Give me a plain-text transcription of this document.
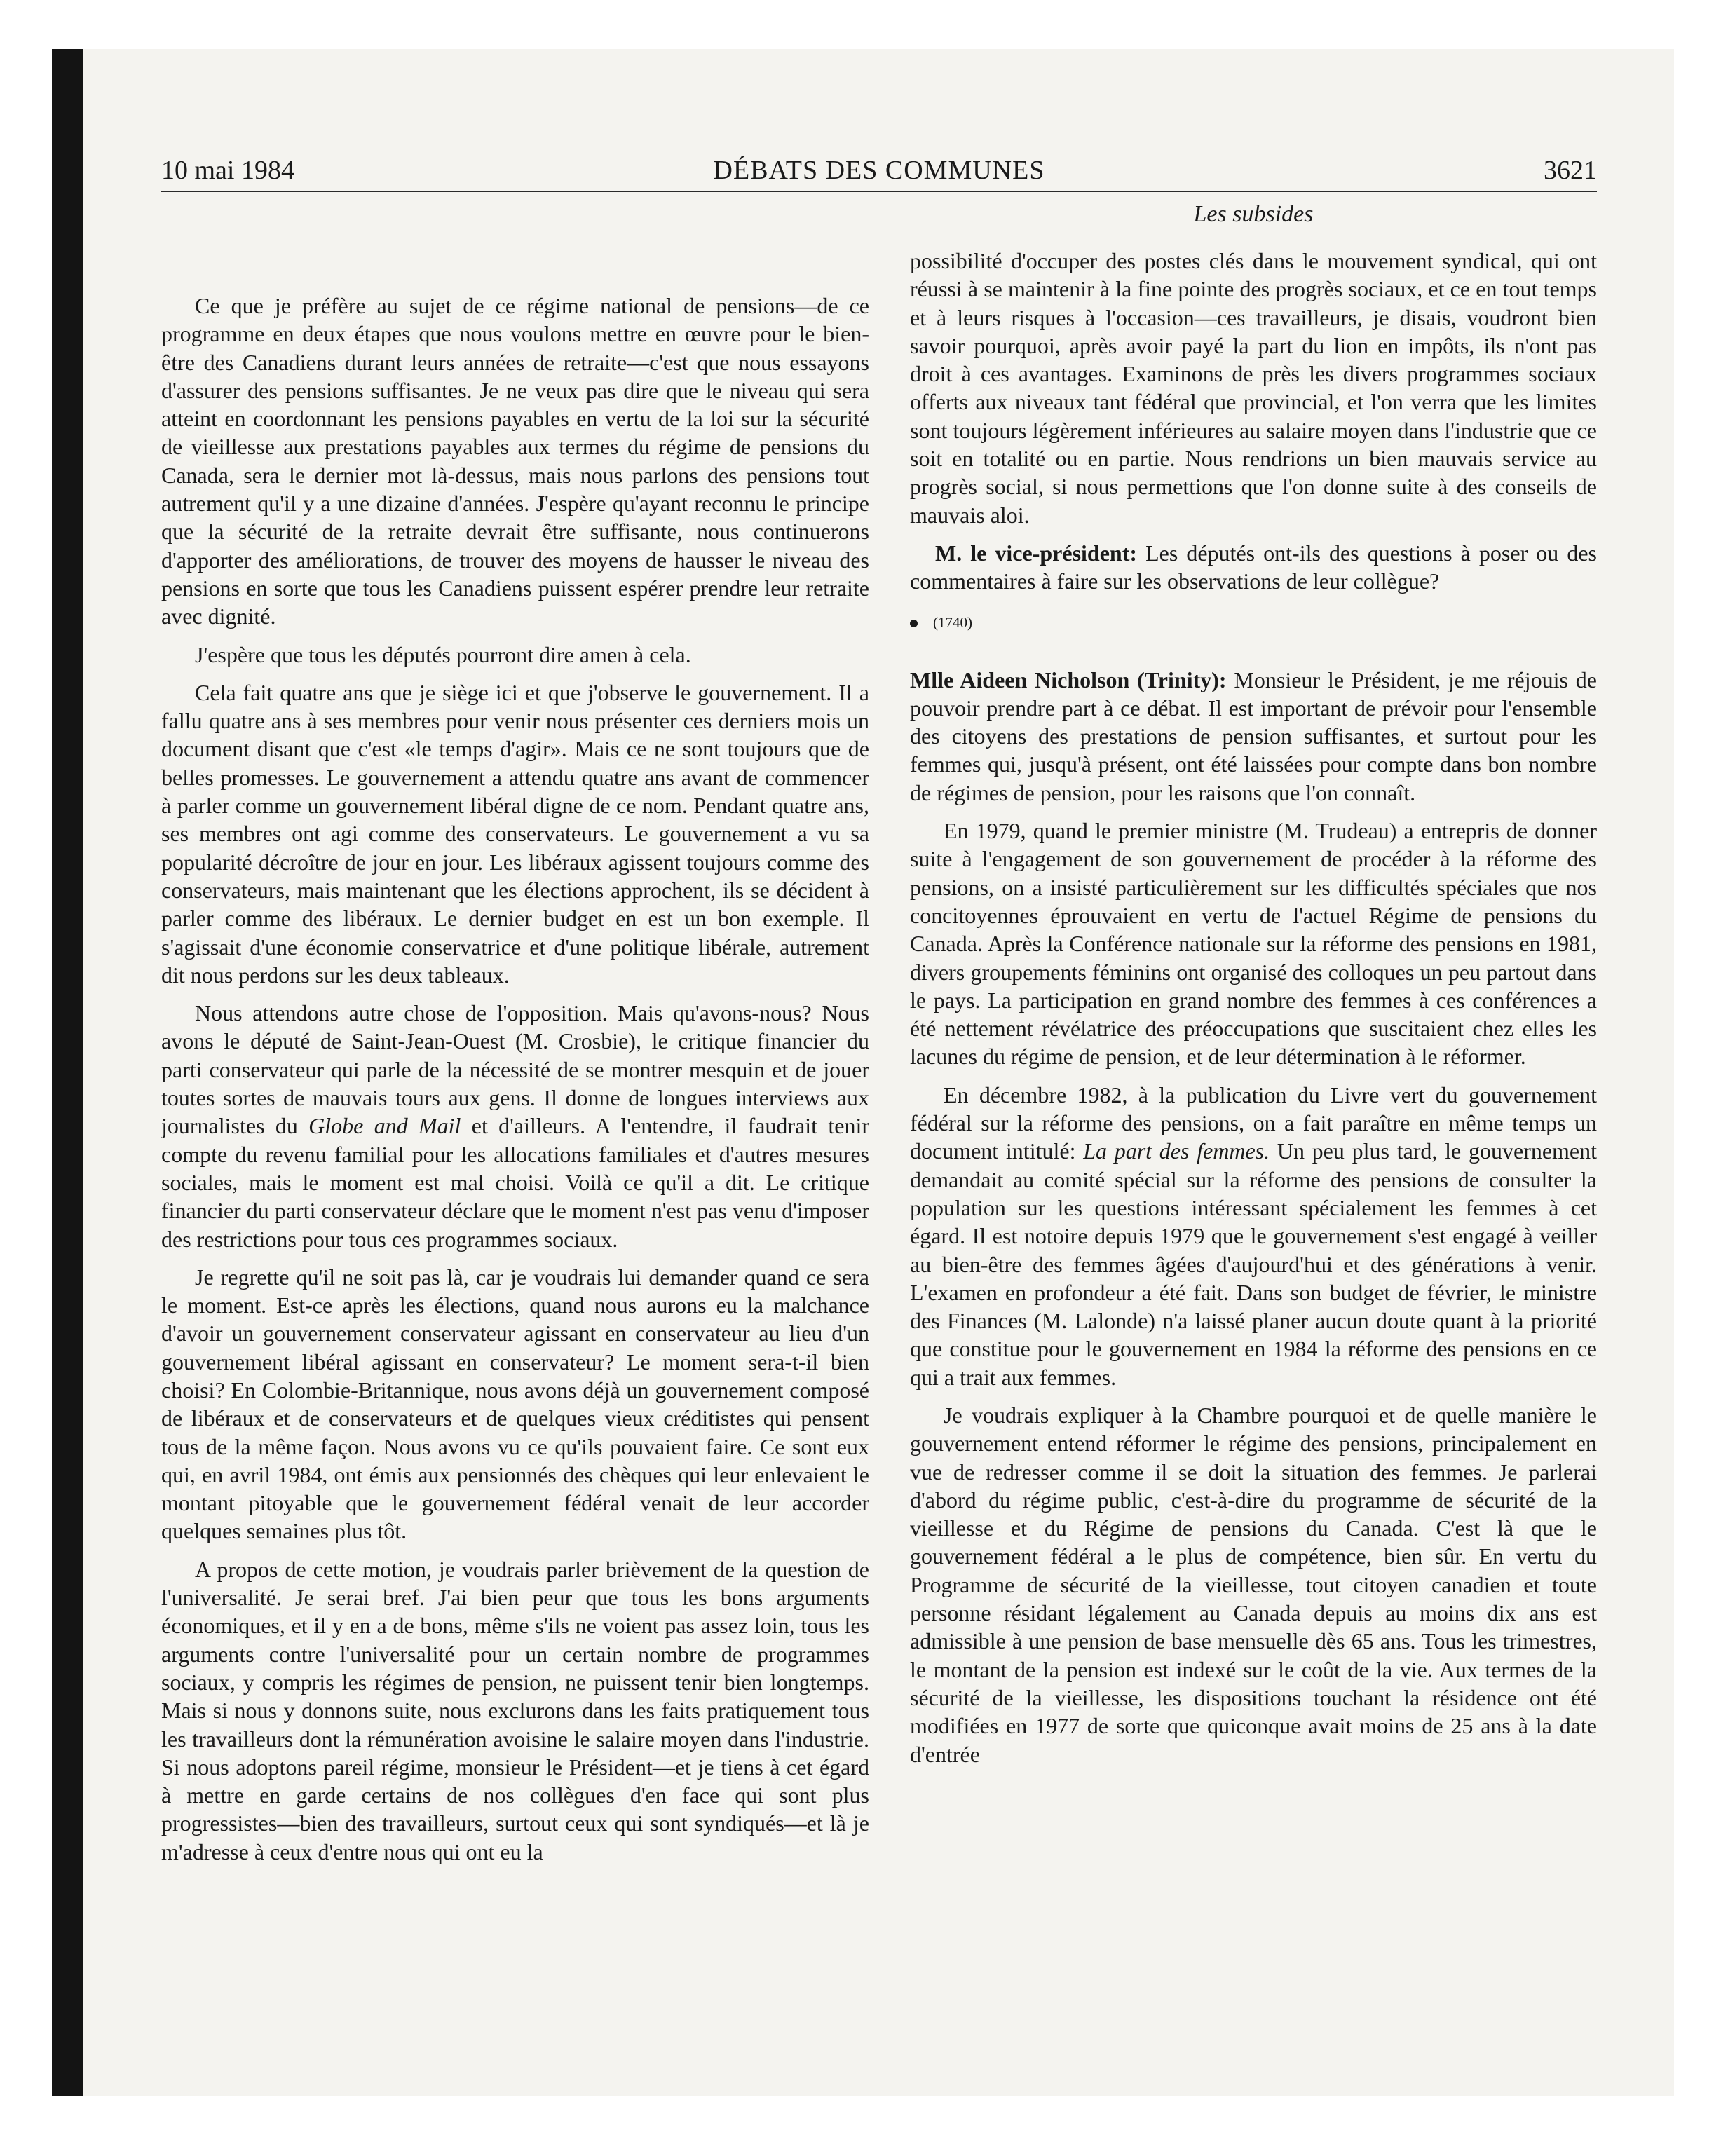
10 mai 1984	DÉBATS DES COMMUNES	3621

Ce que je préfère au sujet de ce régime national de pensions—de ce programme en deux étapes que nous voulons mettre en œuvre pour le bien-être des Canadiens durant leurs années de retraite—c'est que nous essayons d'assurer des pensions suffisantes. Je ne veux pas dire que le niveau qui sera atteint en coordonnant les pensions payables en vertu de la loi sur la sécurité de vieillesse aux prestations payables aux termes du régime de pensions du Canada, sera le dernier mot là-dessus, mais nous parlons des pensions tout autrement qu'il y a une dizaine d'années. J'espère qu'ayant reconnu le principe que la sécurité de la retraite devrait être suffisante, nous continuerons d'apporter des améliorations, de trouver des moyens de hausser le niveau des pensions en sorte que tous les Canadiens puissent espérer prendre leur retraite avec dignité.

J'espère que tous les députés pourront dire amen à cela.

Cela fait quatre ans que je siège ici et que j'observe le gouvernement. Il a fallu quatre ans à ses membres pour venir nous présenter ces derniers mois un document disant que c'est «le temps d'agir». Mais ce ne sont toujours que de belles promesses. Le gouvernement a attendu quatre ans avant de commencer à parler comme un gouvernement libéral digne de ce nom. Pendant quatre ans, ses membres ont agi comme des conservateurs. Le gouvernement a vu sa popularité décroître de jour en jour. Les libéraux agissent toujours comme des conservateurs, mais maintenant que les élections approchent, ils se décident à parler comme des libéraux. Le dernier budget en est un bon exemple. Il s'agissait d'une économie conservatrice et d'une politique libérale, autrement dit nous perdons sur les deux tableaux.

Nous attendons autre chose de l'opposition. Mais qu'avons-nous? Nous avons le député de Saint-Jean-Ouest (M. Crosbie), le critique financier du parti conservateur qui parle de la nécessité de se montrer mesquin et de jouer toutes sortes de mauvais tours aux gens. Il donne de longues interviews aux journalistes du Globe and Mail et d'ailleurs. A l'entendre, il faudrait tenir compte du revenu familial pour les allocations familiales et d'autres mesures sociales, mais le moment est mal choisi. Voilà ce qu'il a dit. Le critique financier du parti conservateur déclare que le moment n'est pas venu d'imposer des restrictions pour tous ces programmes sociaux.

Je regrette qu'il ne soit pas là, car je voudrais lui demander quand ce sera le moment. Est-ce après les élections, quand nous aurons eu la malchance d'avoir un gouvernement conservateur agissant en conservateur au lieu d'un gouvernement libéral agissant en conservateur? Le moment sera-t-il bien choisi? En Colombie-Britannique, nous avons déjà un gouvernement composé de libéraux et de conservateurs et de quelques vieux créditistes qui pensent tous de la même façon. Nous avons vu ce qu'ils pouvaient faire. Ce sont eux qui, en avril 1984, ont émis aux pensionnés des chèques qui leur enlevaient le montant pitoyable que le gouvernement fédéral venait de leur accorder quelques semaines plus tôt.

A propos de cette motion, je voudrais parler brièvement de la question de l'universalité. Je serai bref. J'ai bien peur que tous les bons arguments économiques, et il y en a de bons, même s'ils ne voient pas assez loin, tous les arguments contre l'universalité pour un certain nombre de programmes sociaux, y compris les régimes de pension, ne puissent tenir bien longtemps. Mais si nous y donnons suite, nous exclurons dans les faits pratiquement tous les travailleurs dont la rémunération avoisine le salaire moyen dans l'industrie. Si nous adoptons pareil régime, monsieur le Président—et je tiens à cet égard à mettre en garde certains de nos collègues d'en face qui sont plus progressistes—bien des travailleurs, surtout ceux qui sont syndiqués—et là je m'adresse à ceux d'entre nous qui ont eu la

Les subsides

possibilité d'occuper des postes clés dans le mouvement syndical, qui ont réussi à se maintenir à la fine pointe des progrès sociaux, et ce en tout temps et à leurs risques à l'occasion—ces travailleurs, je disais, voudront bien savoir pourquoi, après avoir payé la part du lion en impôts, ils n'ont pas droit à ces avantages. Examinons de près les divers programmes sociaux offerts aux niveaux tant fédéral que provincial, et l'on verra que les limites sont toujours légèrement inférieures au salaire moyen dans l'industrie que ce soit en totalité ou en partie. Nous rendrions un bien mauvais service au progrès social, si nous permettions que l'on donne suite à des conseils de mauvais aloi.

M. le vice-président: Les députés ont-ils des questions à poser ou des commentaires à faire sur les observations de leur collègue?

(1740)

Mlle Aideen Nicholson (Trinity): Monsieur le Président, je me réjouis de pouvoir prendre part à ce débat. Il est important de prévoir pour l'ensemble des citoyens des prestations de pension suffisantes, et surtout pour les femmes qui, jusqu'à présent, ont été laissées pour compte dans bon nombre de régimes de pension, pour les raisons que l'on connaît.

En 1979, quand le premier ministre (M. Trudeau) a entrepris de donner suite à l'engagement de son gouvernement de procéder à la réforme des pensions, on a insisté particulièrement sur les difficultés spéciales que nos concitoyennes éprouvaient en vertu de l'actuel Régime de pensions du Canada. Après la Conférence nationale sur la réforme des pensions en 1981, divers groupements féminins ont organisé des colloques un peu partout dans le pays. La participation en grand nombre des femmes à ces conférences a été nettement révélatrice des préoccupations que suscitaient chez elles les lacunes du régime de pension, et de leur détermination à le réformer.

En décembre 1982, à la publication du Livre vert du gouvernement fédéral sur la réforme des pensions, on a fait paraître en même temps un document intitulé: La part des femmes. Un peu plus tard, le gouvernement demandait au comité spécial sur la réforme des pensions de consulter la population sur les questions intéressant spécialement les femmes à cet égard. Il est notoire depuis 1979 que le gouvernement s'est engagé à veiller au bien-être des femmes âgées d'aujourd'hui et des générations à venir. L'examen en profondeur a été fait. Dans son budget de février, le ministre des Finances (M. Lalonde) n'a laissé planer aucun doute quant à la priorité que constitue pour le gouvernement en 1984 la réforme des pensions en ce qui a trait aux femmes.

Je voudrais expliquer à la Chambre pourquoi et de quelle manière le gouvernement entend réformer le régime des pensions, principalement en vue de redresser comme il se doit la situation des femmes. Je parlerai d'abord du régime public, c'est-à-dire du programme de sécurité de la vieillesse et du Régime de pensions du Canada. C'est là que le gouvernement fédéral a le plus de compétence, bien sûr. En vertu du Programme de sécurité de la vieillesse, tout citoyen canadien et toute personne résidant légalement au Canada depuis au moins dix ans est admissible à une pension de base mensuelle dès 65 ans. Tous les trimestres, le montant de la pension est indexé sur le coût de la vie. Aux termes de la sécurité de la vieillesse, les dispositions touchant la résidence ont été modifiées en 1977 de sorte que quiconque avait moins de 25 ans à la date d'entrée
